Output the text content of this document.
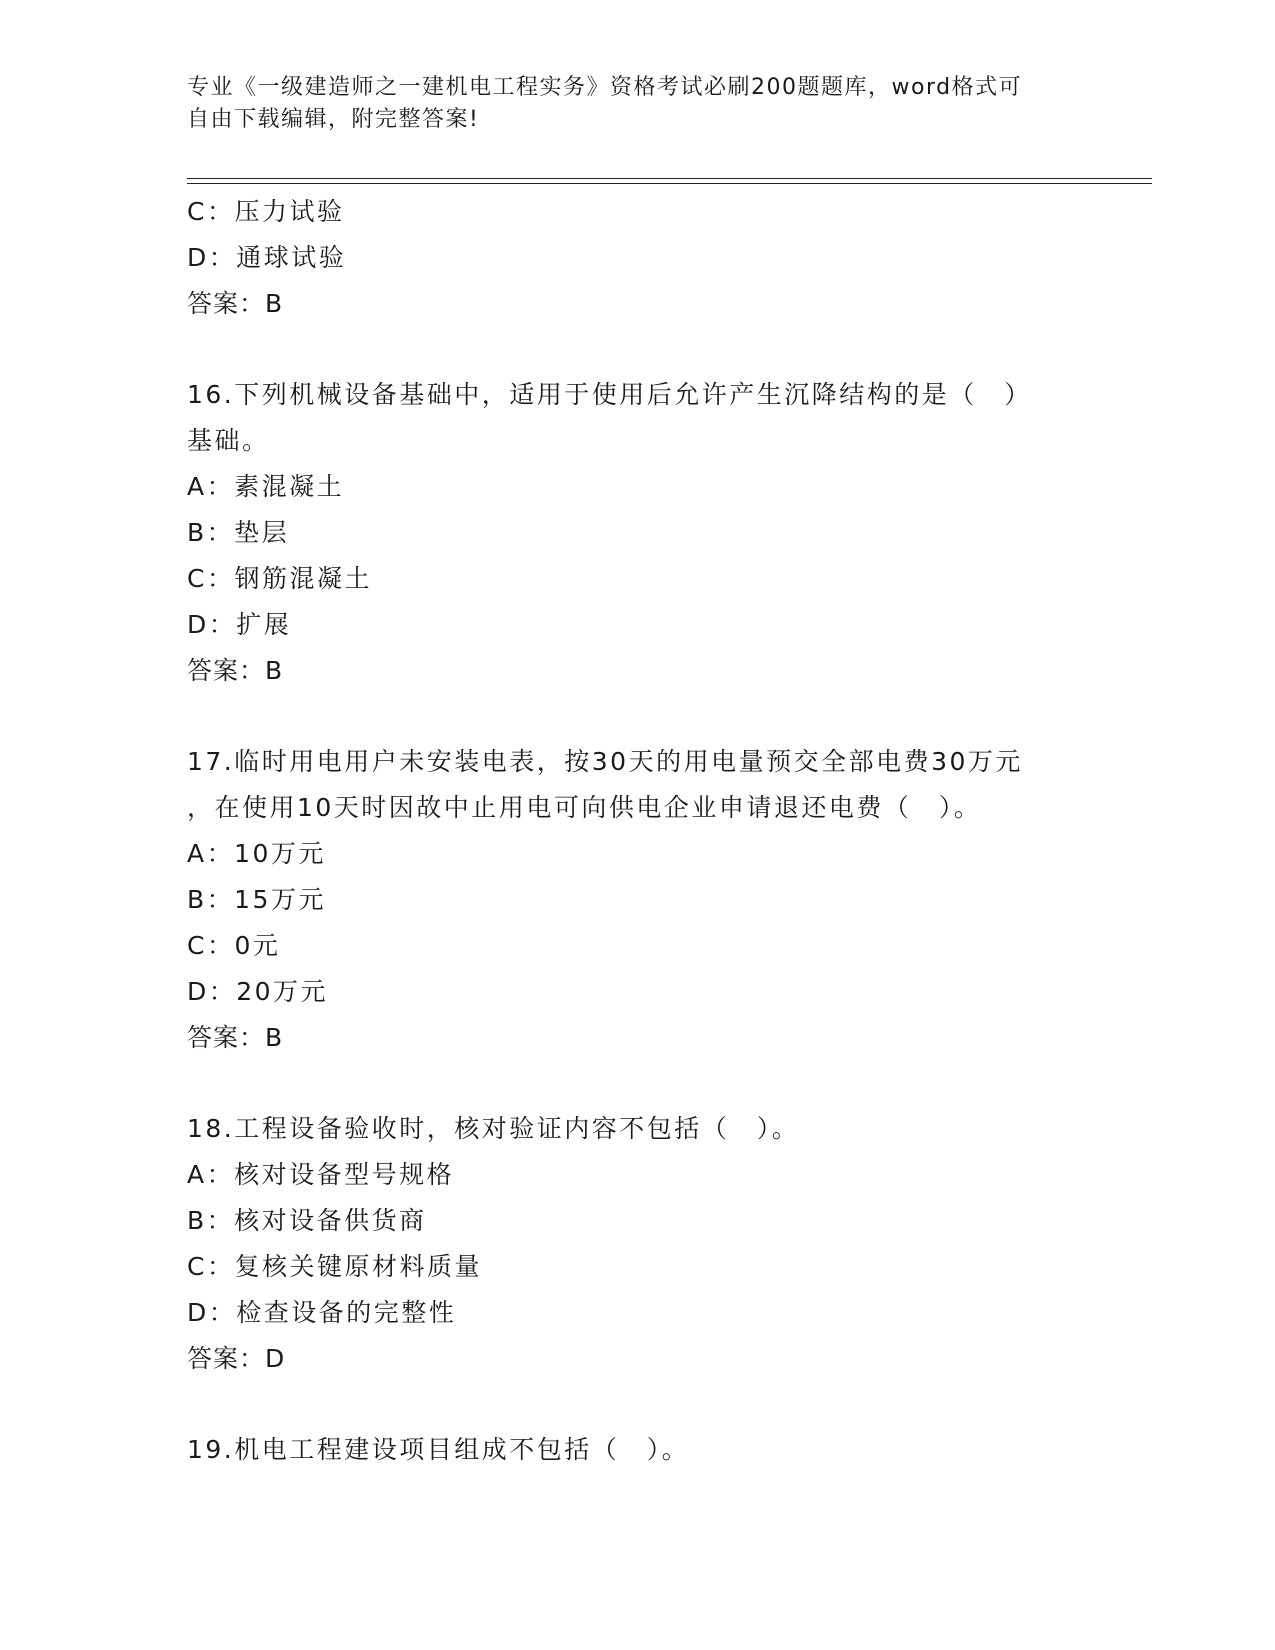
专业《一级建造师之一建机电工程实务》资格考试必刷200题题库，word格式可
自由下载编辑，附完整答案!
C：压力试验
D：通球试验
答案：B
16.下列机械设备基础中，适用于使用后允许产生沉降结构的是（　）
基础。
A：素混凝土
B：垫层
C：钢筋混凝土
D：扩展
答案：B
17.临时用电用户未安装电表，按30天的用电量预交全部电费30万元
，在使用10天时因故中止用电可向供电企业申请退还电费（　）。
A：10万元
B：15万元
C：0元
D：20万元
答案：B
18.工程设备验收时，核对验证内容不包括（　）。
A：核对设备型号规格
B：核对设备供货商
C：复核关键原材料质量
D：检查设备的完整性
答案：D
19.机电工程建设项目组成不包括（　）。
